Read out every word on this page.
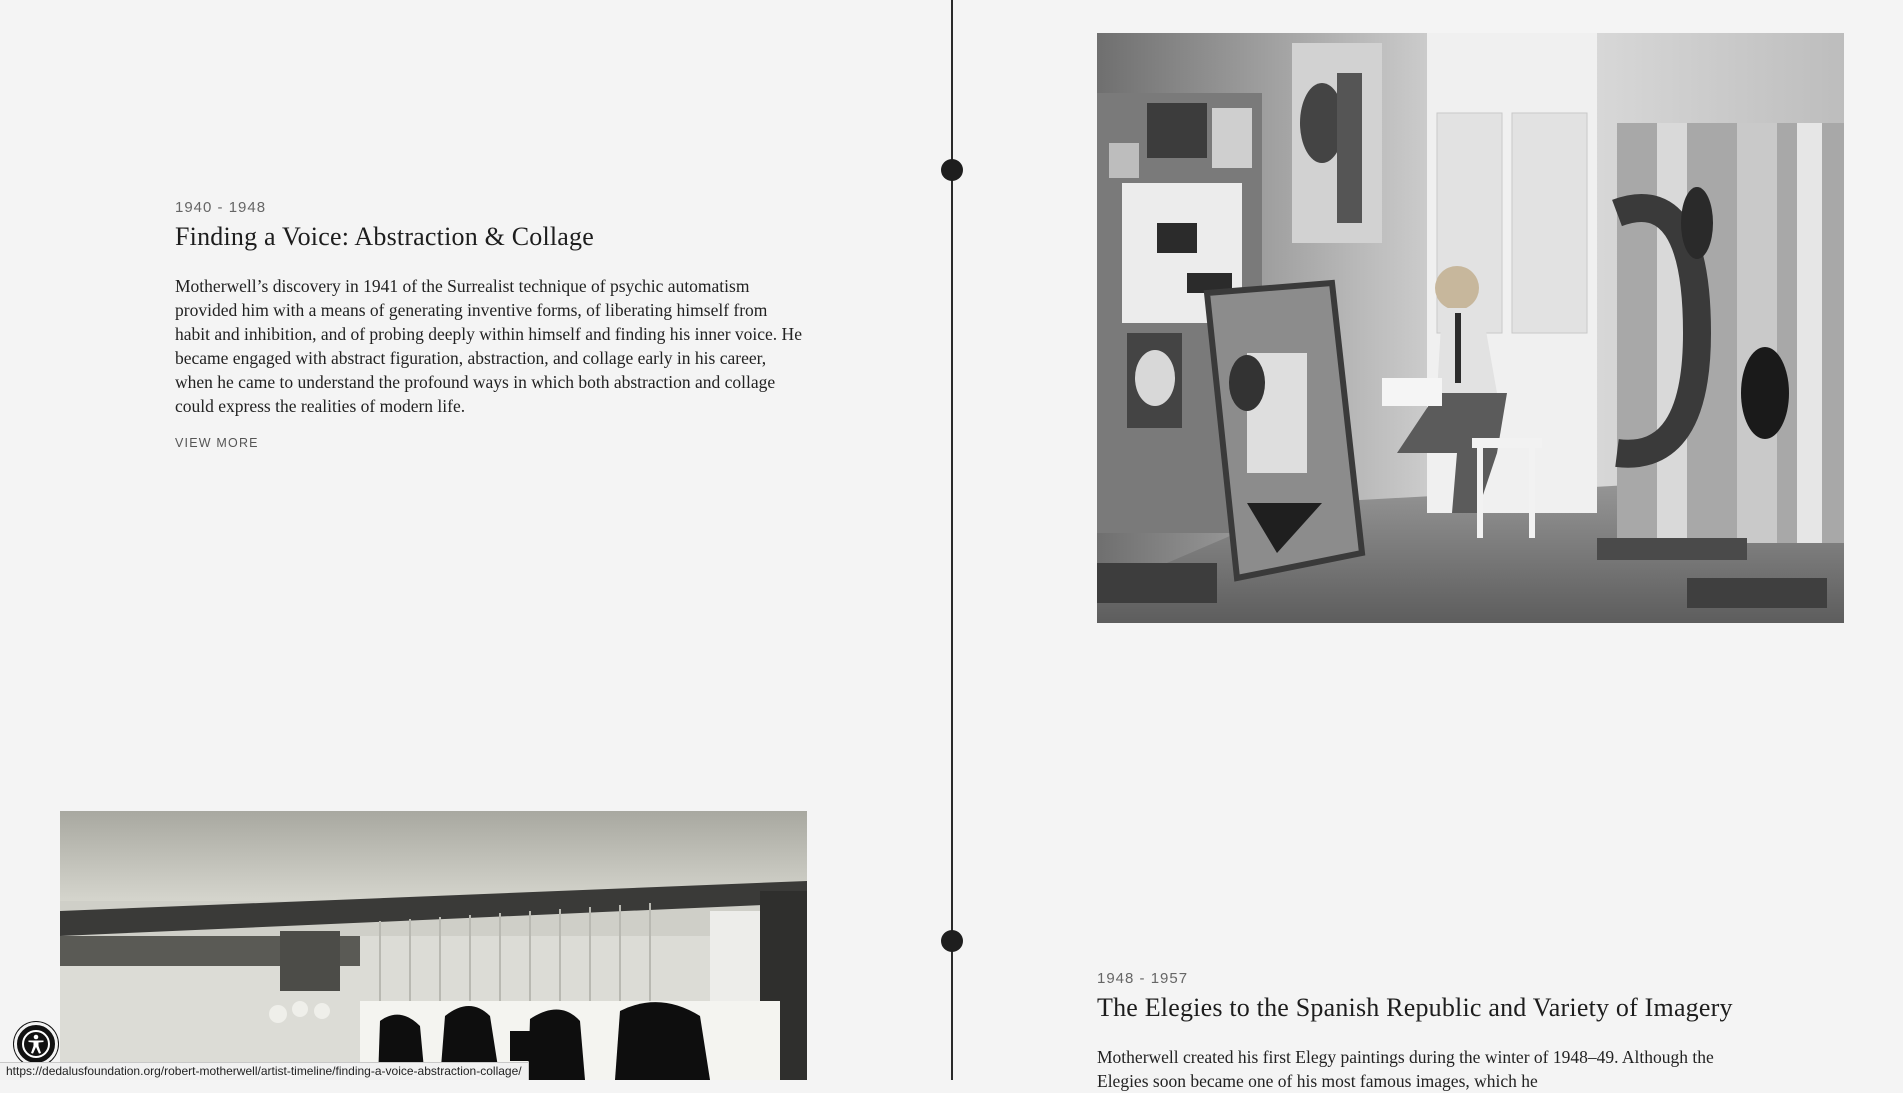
1940 - 1948
Finding a Voice: Abstraction & Collage

Motherwell’s discovery in 1941 of the Surrealist technique of psychic automatism provided him with a means of generating inventive forms, of liberating himself from habit and inhibition, and of probing deeply within himself and finding his inner voice. He became engaged with abstract figuration, abstraction, and collage early in his career, when he came to understand the profound ways in which both abstraction and collage could express the realities of modern life.

VIEW MORE
1948 - 1957
The Elegies to the Spanish Republic and Variety of Imagery

Motherwell created his first Elegy paintings during the winter of 1948–49. Although the Elegies soon became one of his most famous images, which he

https://dedalusfoundation.org/robert-motherwell/artist-timeline/finding-a-voice-abstraction-collage/
